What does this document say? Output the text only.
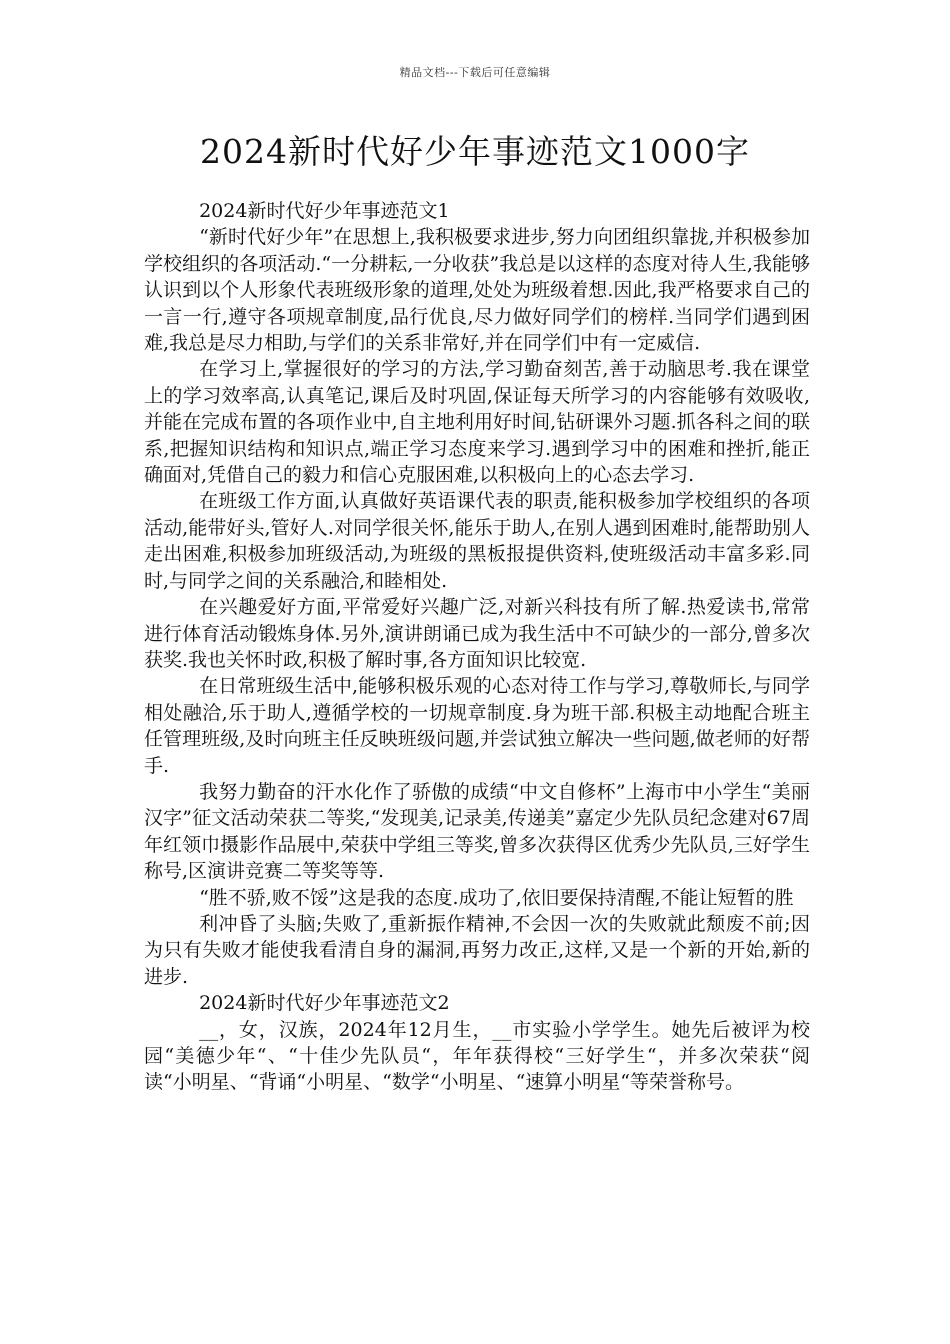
精品文档---下载后可任意编辑
2024新时代好少年事迹范文1000字

2024新时代好少年事迹范文1

“新时代好少年”在思想上,我积极要求进步,努力向团组织靠拢,并积极参加学校组织的各项活动.“一分耕耘,一分收获”我总是以这样的态度对待人生,我能够认识到以个人形象代表班级形象的道理,处处为班级着想.因此,我严格要求自己的一言一行,遵守各项规章制度,品行优良,尽力做好同学们的榜样.当同学们遇到困难,我总是尽力相助,与学们的关系非常好,并在同学们中有一定威信.

在学习上,掌握很好的学习的方法,学习勤奋刻苦,善于动脑思考.我在课堂上的学习效率高,认真笔记,课后及时巩固,保证每天所学习的内容能够有效吸收,并能在完成布置的各项作业中,自主地利用好时间,钻研课外习题.抓各科之间的联系,把握知识结构和知识点,端正学习态度来学习.遇到学习中的困难和挫折,能正确面对,凭借自己的毅力和信心克服困难,以积极向上的心态去学习.

在班级工作方面,认真做好英语课代表的职责,能积极参加学校组织的各项活动,能带好头,管好人.对同学很关怀,能乐于助人,在别人遇到困难时,能帮助别人走出困难,积极参加班级活动,为班级的黑板报提供资料,使班级活动丰富多彩.同时,与同学之间的关系融洽,和睦相处.

在兴趣爱好方面,平常爱好兴趣广泛,对新兴科技有所了解.热爱读书,常常进行体育活动锻炼身体.另外,演讲朗诵已成为我生活中不可缺少的一部分,曾多次获奖.我也关怀时政,积极了解时事,各方面知识比较宽.

在日常班级生活中,能够积极乐观的心态对待工作与学习,尊敬师长,与同学相处融洽,乐于助人,遵循学校的一切规章制度.身为班干部.积极主动地配合班主任管理班级,及时向班主任反映班级问题,并尝试独立解决一些问题,做老师的好帮手.

我努力勤奋的汗水化作了骄傲的成绩“中文自修杯”上海市中小学生“美丽汉字”征文活动荣获二等奖,“发现美,记录美,传递美”嘉定少先队员纪念建对67周年红领巾摄影作品展中,荣获中学组三等奖,曾多次获得区优秀少先队员,三好学生称号,区演讲竞赛二等奖等等.

“胜不骄,败不馁”这是我的态度.成功了,依旧要保持清醒,不能让短暂的胜

利冲昏了头脑;失败了,重新振作精神,不会因一次的失败就此颓废不前;因为只有失败才能使我看清自身的漏洞,再努力改正,这样,又是一个新的开始,新的进步.

2024新时代好少年事迹范文2

__，女，汉族，2024年12月生，__市实验小学学生。她先后被评为校园“美德少年“、“十佳少先队员“，年年获得校“三好学生“，并多次荣获“阅读“小明星、“背诵“小明星、“数学“小明星、“速算小明星“等荣誉称号。
